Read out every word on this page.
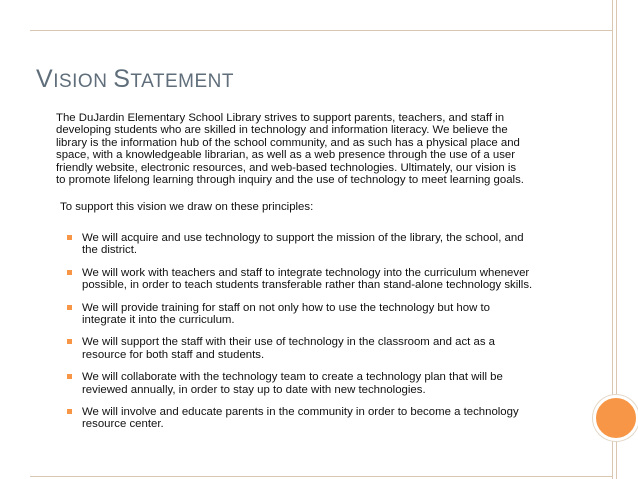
VISION STATEMENT

The DuJardin Elementary School Library strives to support parents, teachers, and staff in developing students who are skilled in technology and information literacy. We believe the library is the information hub of the school community, and as such has a physical place and space, with a knowledgeable librarian, as well as a web presence through the use of a user friendly website, electronic resources, and web-based technologies. Ultimately, our vision is to promote lifelong learning through inquiry and the use of technology to meet learning goals.

To support this vision we draw on these principles:

We will acquire and use technology to support the mission of the library, the school, and the district.
We will work with teachers and staff to integrate technology into the curriculum whenever possible, in order to teach students transferable rather than stand-alone technology skills.
We will provide training for staff on not only how to use the technology but how to integrate it into the curriculum.
We will support the staff with their use of technology in the classroom and act as a resource for both staff and students.
We will collaborate with the technology team to create a technology plan that will be reviewed annually, in order to stay up to date with new technologies.
We will involve and educate parents in the community in order to become a technology resource center.
